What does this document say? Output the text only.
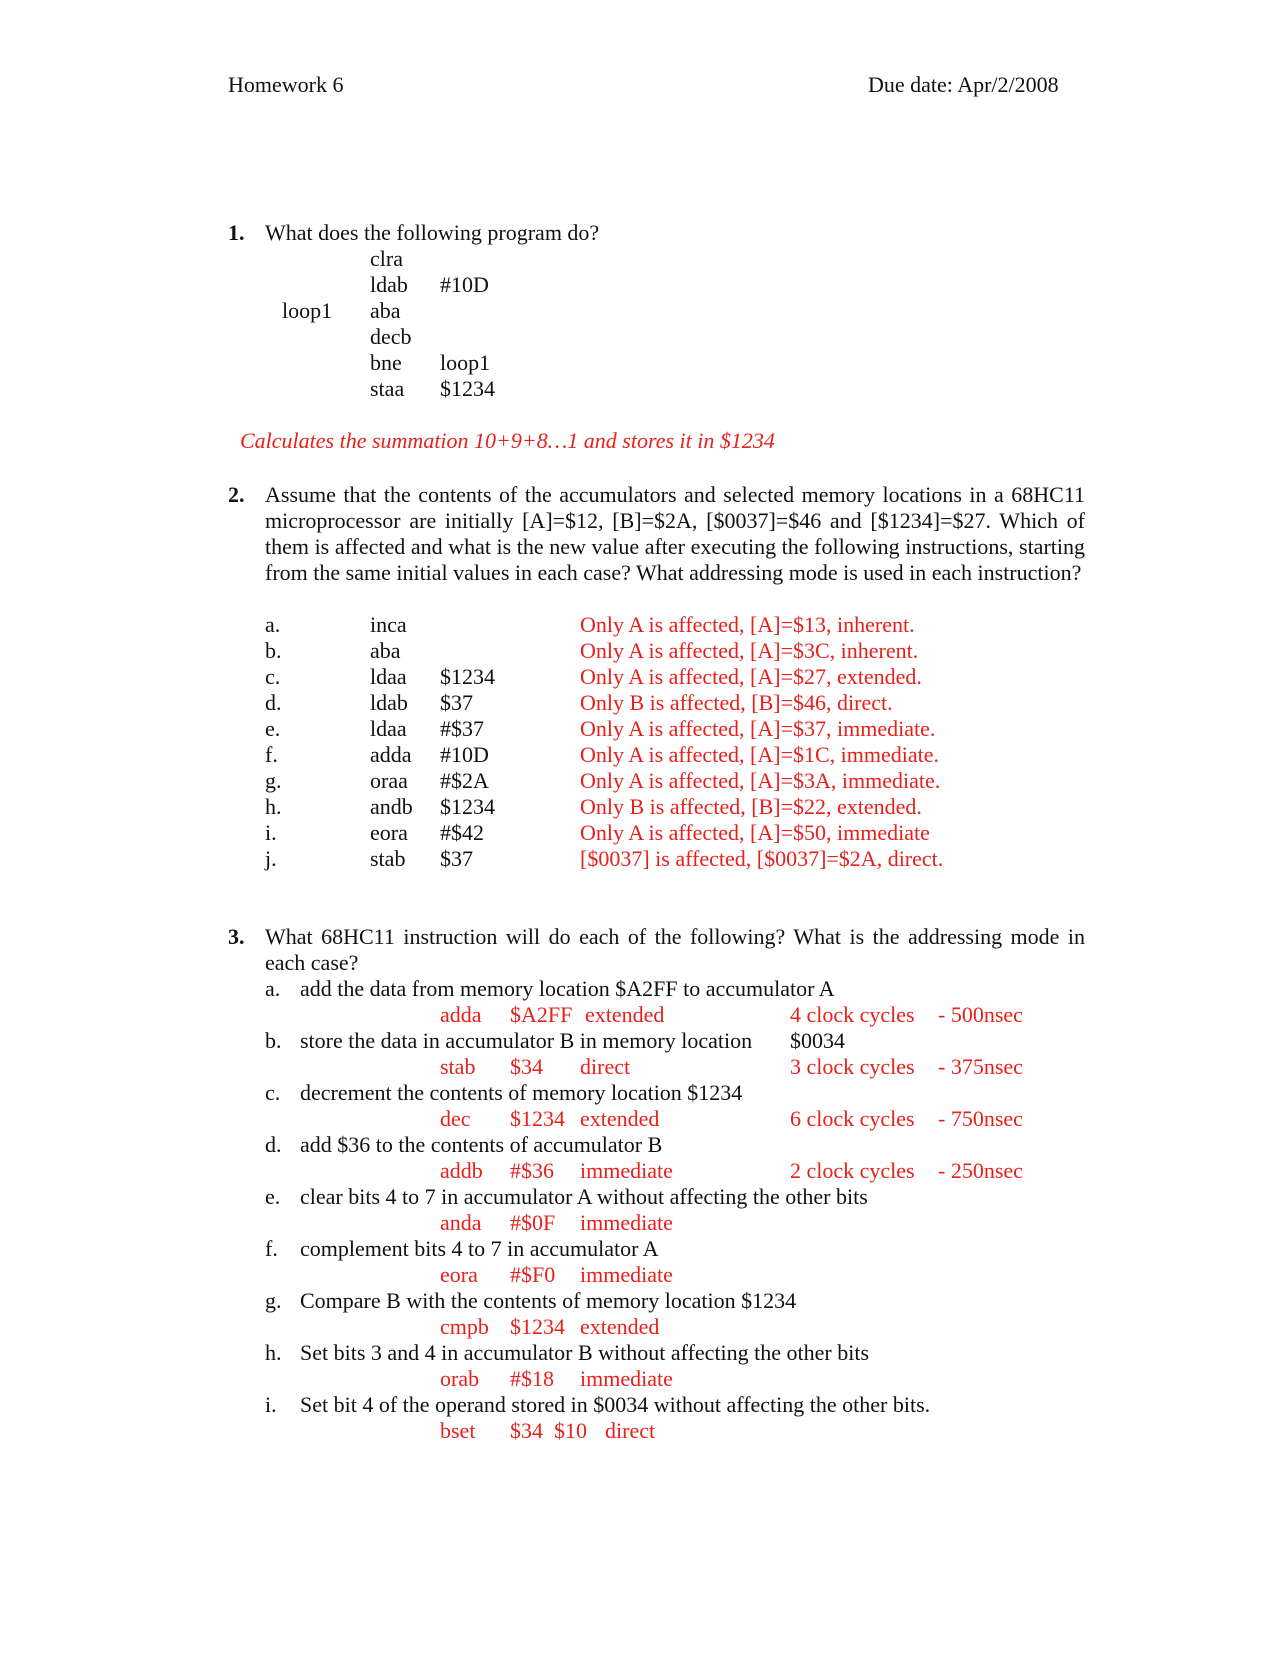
Homework 6	Due date: Apr/2/2008
1. What does the following program do?
clra
ldab #10D
loop1 aba
decb
bne loop1
staa $1234
Calculates the summation 10+9+8…1 and stores it in $1234
2. Assume that the contents of the accumulators and selected memory locations in a 68HC11 microprocessor are initially [A]=$12, [B]=$2A, [$0037]=$46 and [$1234]=$27. Which of them is affected and what is the new value after executing the following instructions, starting from the same initial values in each case? What addressing mode is used in each instruction?
a.	inca	Only A is affected, [A]=$13, inherent.
b.	aba	Only A is affected, [A]=$3C, inherent.
c.	ldaa $1234	Only A is affected, [A]=$27, extended.
d.	ldab $37	Only B is affected, [B]=$46, direct.
e.	ldaa #$37	Only A is affected, [A]=$37, immediate.
f.	adda #10D	Only A is affected, [A]=$1C, immediate.
g.	oraa #$2A	Only A is affected, [A]=$3A, immediate.
h.	andb $1234	Only B is affected, [B]=$22, extended.
i.	eora #$42	Only A is affected, [A]=$50, immediate
j.	stab $37	[$0037] is affected, [$0037]=$2A, direct.
3. What 68HC11 instruction will do each of the following? What is the addressing mode in each case?
a. add the data from memory location $A2FF to accumulator A
adda $A2FF extended	4 clock cycles - 500nsec
b. store the data in accumulator B in memory location $0034
stab $34 direct	3 clock cycles - 375nsec
c. decrement the contents of memory location $1234
dec $1234 extended	6 clock cycles - 750nsec
d. add $36 to the contents of accumulator B
addb #$36 immediate	2 clock cycles - 250nsec
e. clear bits 4 to 7 in accumulator A without affecting the other bits
anda #$0F immediate
f. complement bits 4 to 7 in accumulator A
eora #$F0 immediate
g. Compare B with the contents of memory location $1234
cmpb $1234 extended
h. Set bits 3 and 4 in accumulator B without affecting the other bits
orab #$18 immediate
i. Set bit 4 of the operand stored in $0034 without affecting the other bits.
bset $34  $10 direct
